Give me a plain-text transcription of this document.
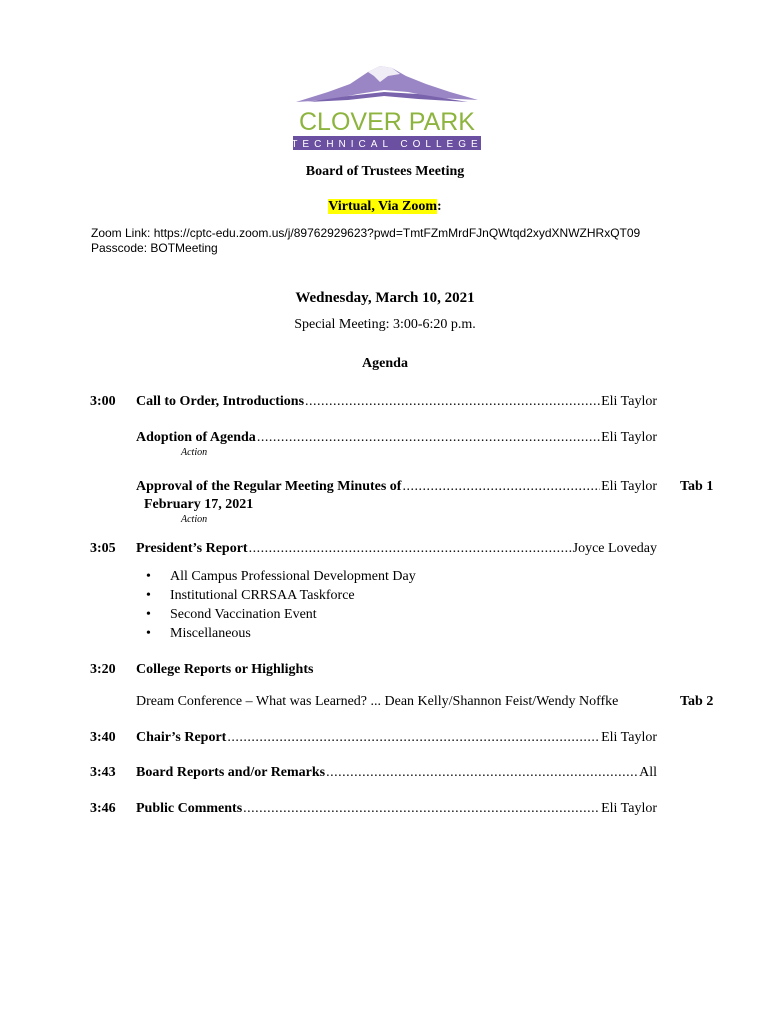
CLOVER PARK
TECHNICAL COLLEGE
Board of Trustees Meeting
Virtual, Via Zoom:
Zoom Link: https://cptc-edu.zoom.us/j/89762929623?pwd=TmtFZmMrdFJnQWtqd2xydXNWZHRxQT09
Passcode: BOTMeeting
Wednesday, March 10, 2021
Special Meeting: 3:00-6:20 p.m.
Agenda
3:00 Call to Order, Introductions .....	Eli Taylor
Adoption of Agenda .....	Eli Taylor
Action
Approval of the Regular Meeting Minutes of .....	Eli Taylor Tab 1
February 17, 2021
Action
3:05 President’s Report .....	Joyce Loveday
• All Campus Professional Development Day
• Institutional CRRSAA Taskforce
• Second Vaccination Event
• Miscellaneous
3:20 College Reports or Highlights
Dream Conference – What was Learned? ... Dean Kelly/Shannon Feist/Wendy Noffke	Tab 2
3:40 Chair’s Report .....	Eli Taylor
3:43 Board Reports and/or Remarks .....	All
3:46 Public Comments .....	Eli Taylor
